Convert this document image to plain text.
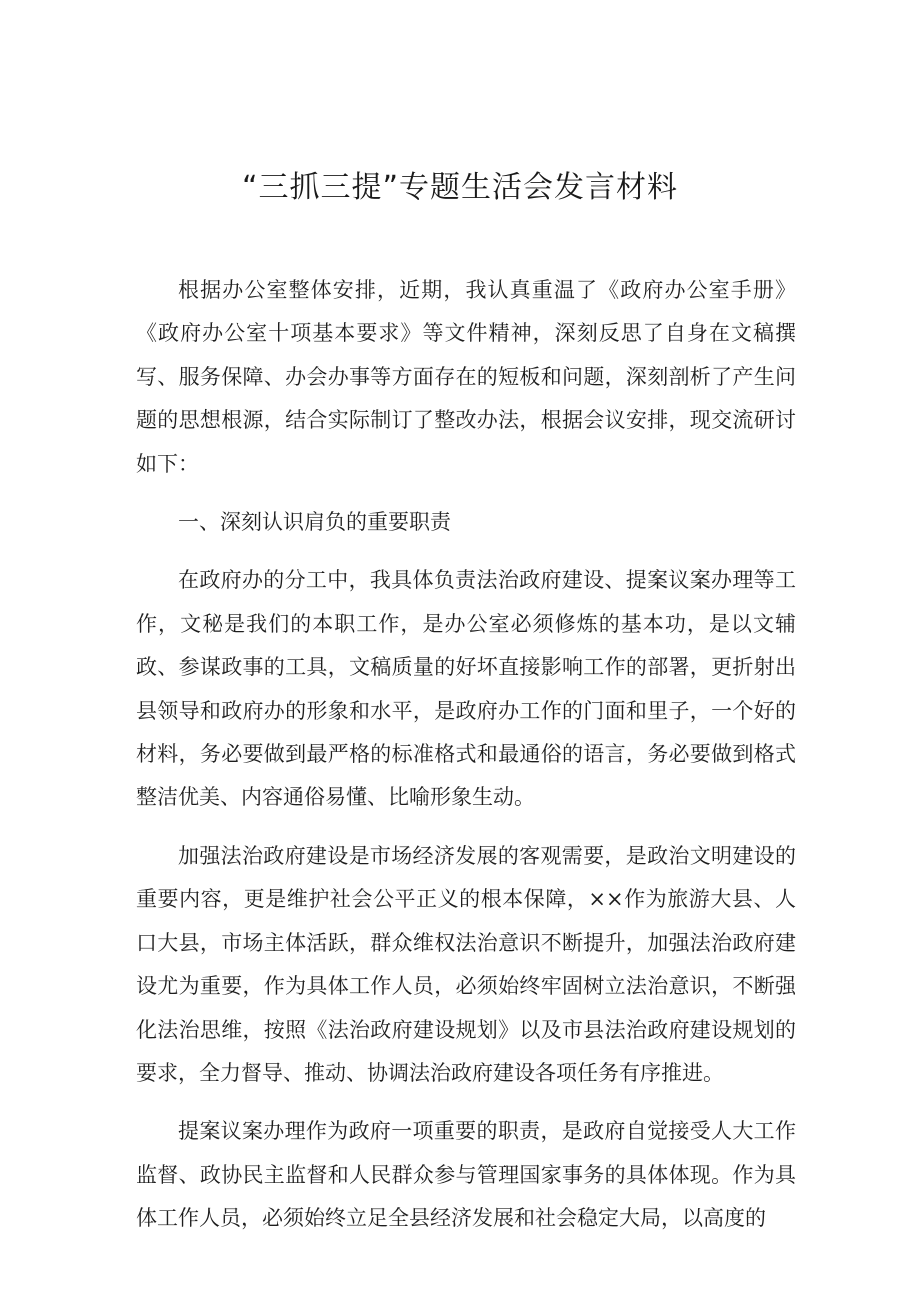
“三抓三提”专题生活会发言材料

根据办公室整体安排，近期，我认真重温了《政府办公室手册》《政府办公室十项基本要求》等文件精神，深刻反思了自身在文稿撰写、服务保障、办会办事等方面存在的短板和问题，深刻剖析了产生问题的思想根源，结合实际制订了整改办法，根据会议安排，现交流研讨如下：

一、深刻认识肩负的重要职责

在政府办的分工中，我具体负责法治政府建设、提案议案办理等工作，文秘是我们的本职工作，是办公室必须修炼的基本功，是以文辅政、参谋政事的工具，文稿质量的好坏直接影响工作的部署，更折射出县领导和政府办的形象和水平，是政府办工作的门面和里子，一个好的材料，务必要做到最严格的标准格式和最通俗的语言，务必要做到格式整洁优美、内容通俗易懂、比喻形象生动。

加强法治政府建设是市场经济发展的客观需要，是政治文明建设的重要内容，更是维护社会公平正义的根本保障，××作为旅游大县、人口大县，市场主体活跃，群众维权法治意识不断提升，加强法治政府建设尤为重要，作为具体工作人员，必须始终牢固树立法治意识，不断强化法治思维，按照《法治政府建设规划》以及市县法治政府建设规划的要求，全力督导、推动、协调法治政府建设各项任务有序推进。

提案议案办理作为政府一项重要的职责，是政府自觉接受人大工作监督、政协民主监督和人民群众参与管理国家事务的具体体现。作为具体工作人员，必须始终立足全县经济发展和社会稳定大局，以高度的
